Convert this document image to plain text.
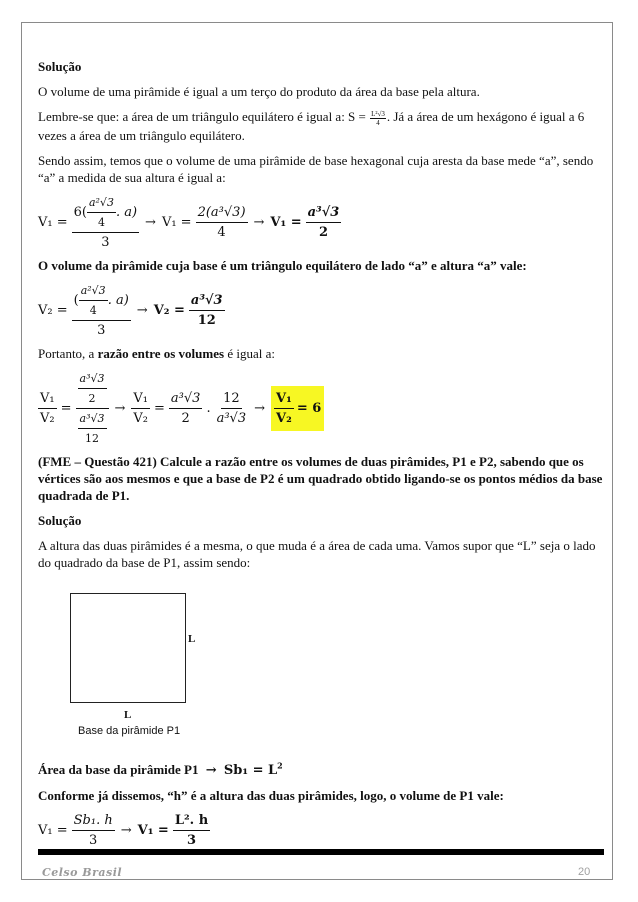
Solução

O volume de uma pirâmide é igual a um terço do produto da área da base pela altura.

Lembre-se que: a área de um triângulo equilátero é igual a: $S = \frac{\text{L²√3}}{4}$ . Já a área de um hexágono é igual a 6 vezes a área de um triângulo equilátero.

Sendo assim, temos que o volume de uma pirâmide de base hexagonal cuja aresta da base mede “a”, sendo “a” a medida de sua altura é igual a:

$V_1 = \frac{6( \frac{\text{a²√3}}{4} . a)}{3} \to V_1 = \frac{\text{2(a³√3)}}{4} \to V_1 = \frac{\text{a³√3}}{2}$

O volume da pirâmide cuja base é um triângulo equilátero de lado “a” e altura “a” vale:

$V_2 = \frac{( \frac{\text{a²√3}}{4} . a)}{3} \to V_2 = \frac{\text{a³√3}}{12}$

Portanto, a razão entre os volumes é igual a:

$\frac{\text{V₁}}{\text{V₂}} = \frac{\frac{\text{a³√3}}{2}}{\frac{\text{a³√3}}{12}} \to \frac{\text{V₁}}{\text{V₂}} = \frac{\text{a³√3}}{2}$ . $\frac{12}{\text{a³√3}} \to \frac{\text{V₁}}{\text{V₂}} = 6$

(FME – Questão 421) Calcule a razão entre os volumes de duas pirâmides, P1 e P2, sabendo que os vértices são aos mesmos e que a base de P2 é um quadrado obtido ligando-se os pontos médios da base quadrada de P1.

Solução

A altura das duas pirâmides é a mesma, o que muda é a área de cada uma. Vamos supor que “L” seja o lado do quadrado da base de P1, assim sendo:

L
L
Base da pirâmide P1

Área da base da pirâmide $P1 \to Sb_1 = L^2$

Conforme já dissemos, “h” é a altura das duas pirâmides, logo, o volume de P1 vale:

$V_1 = \frac{\text{Sb₁. h}}{3} \to V_1 = \frac{\text{L². h}}{3}$
Celso Brasil	20
